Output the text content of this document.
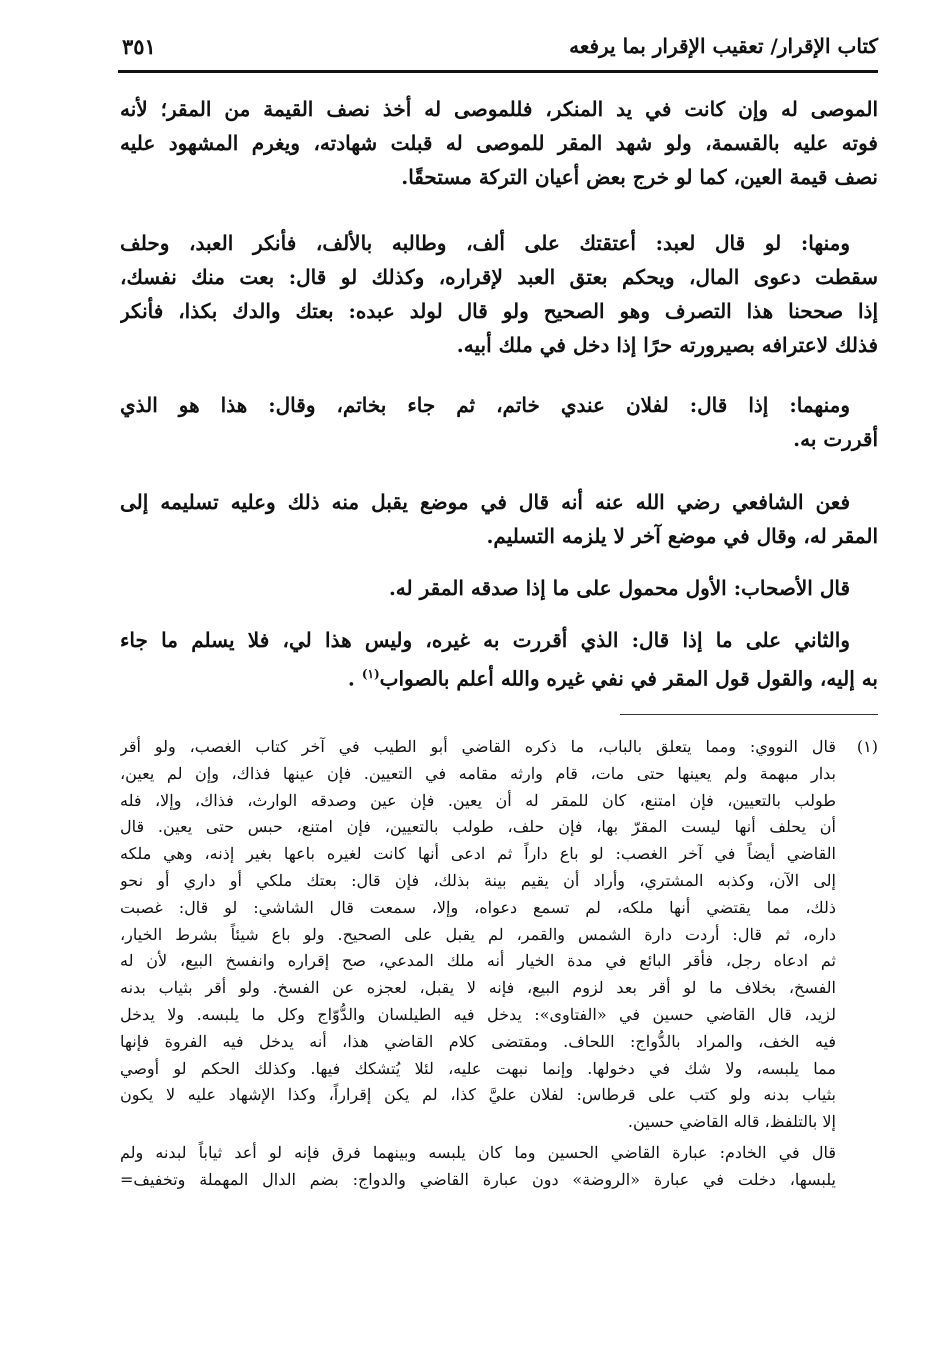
كتاب الإقرار/ تعقيب الإقرار بما يرفعه
٣٥١
الموصى له وإن كانت في يد المنكر، فللموصى له أخذ نصف القيمة من المقر؛ لأنه
فوته عليه بالقسمة، ولو شهد المقر للموصى له قبلت شهادته، ويغرم المشهود عليه
نصف قيمة العين، كما لو خرج بعض أعيان التركة مستحقًا.
ومنها: لو قال لعبد: أعتقتك على ألف، وطالبه بالألف، فأنكر العبد، وحلف
سقطت دعوى المال، ويحكم بعتق العبد لإقراره، وكذلك لو قال: بعت منك نفسك،
إذا صححنا هذا التصرف وهو الصحيح ولو قال لولد عبده: بعتك والدك بكذا، فأنكر
فذلك لاعترافه بصيرورته حرًا إذا دخل في ملك أبيه.
ومنهما: إذا قال: لفلان عندي خاتم، ثم جاء بخاتم، وقال: هذا هو الذي
أقررت به.
فعن الشافعي رضي الله عنه أنه قال في موضع يقبل منه ذلك وعليه تسليمه إلى
المقر له، وقال في موضع آخر لا يلزمه التسليم.
قال الأصحاب: الأول محمول على ما إذا صدقه المقر له.
والثاني على ما إذا قال: الذي أقررت به غيره، وليس هذا لي، فلا يسلم ما جاء
به إليه، والقول قول المقر في نفي غيره والله أعلم بالصواب$^{(١)}$ .
(١)
قال النووي: ومما يتعلق بالباب، ما ذكره القاضي أبو الطيب في آخر كتاب الغصب، ولو أقر
بدار مبهمة ولم يعينها حتى مات، قام وارثه مقامه في التعيين. فإن عينها فذاك، وإن لم يعين،
طولب بالتعيين، فإن امتنع، كان للمقر له أن يعين. فإن عين وصدقه الوارث، فذاك، وإلا، فله
أن يحلف أنها ليست المقرّ بها، فإن حلف، طولب بالتعيين، فإن امتنع، حبس حتى يعين. قال
القاضي أيضاً في آخر الغصب: لو باع داراً ثم ادعى أنها كانت لغيره باعها بغير إذنه، وهي ملكه
إلى الآن، وكذبه المشتري، وأراد أن يقيم بينة بذلك، فإن قال: بعتك ملكي أو داري أو نحو
ذلك، مما يقتضي أنها ملكه، لم تسمع دعواه، وإلا، سمعت قال الشاشي: لو قال: غصبت
داره، ثم قال: أردت دارة الشمس والقمر، لم يقبل على الصحيح. ولو باع شيئاً بشرط الخيار،
ثم ادعاه رجل، فأقر البائع في مدة الخيار أنه ملك المدعي، صح إقراره وانفسخ البيع، لأن له
الفسخ، بخلاف ما لو أقر بعد لزوم البيع، فإنه لا يقبل، لعجزه عن الفسخ. ولو أقر بثياب بدنه
لزيد، قال القاضي حسين في «الفتاوى»: يدخل فيه الطيلسان والدُّوّاج وكل ما يلبسه. ولا يدخل
فيه الخف، والمراد بالدُّواج: اللحاف. ومقتضى كلام القاضي هذا، أنه يدخل فيه الفروة فإنها
مما يلبسه، ولا شك في دخولها. وإنما نبهت عليه، لئلا يُتشكك فيها. وكذلك الحكم لو أوصي
بثياب بدنه ولو كتب على قرطاس: لفلان عليَّ كذا، لم يكن إقراراً، وكذا الإشهاد عليه لا يكون
إلا بالتلفظ، قاله القاضي حسين.
قال في الخادم: عبارة القاضي الحسين وما كان يلبسه وبينهما فرق فإنه لو أعد ثياباً لبدنه ولم
يلبسها، دخلت في عبارة «الروضة» دون عبارة القاضي والدواج: بضم الدال المهملة وتخفيف=
